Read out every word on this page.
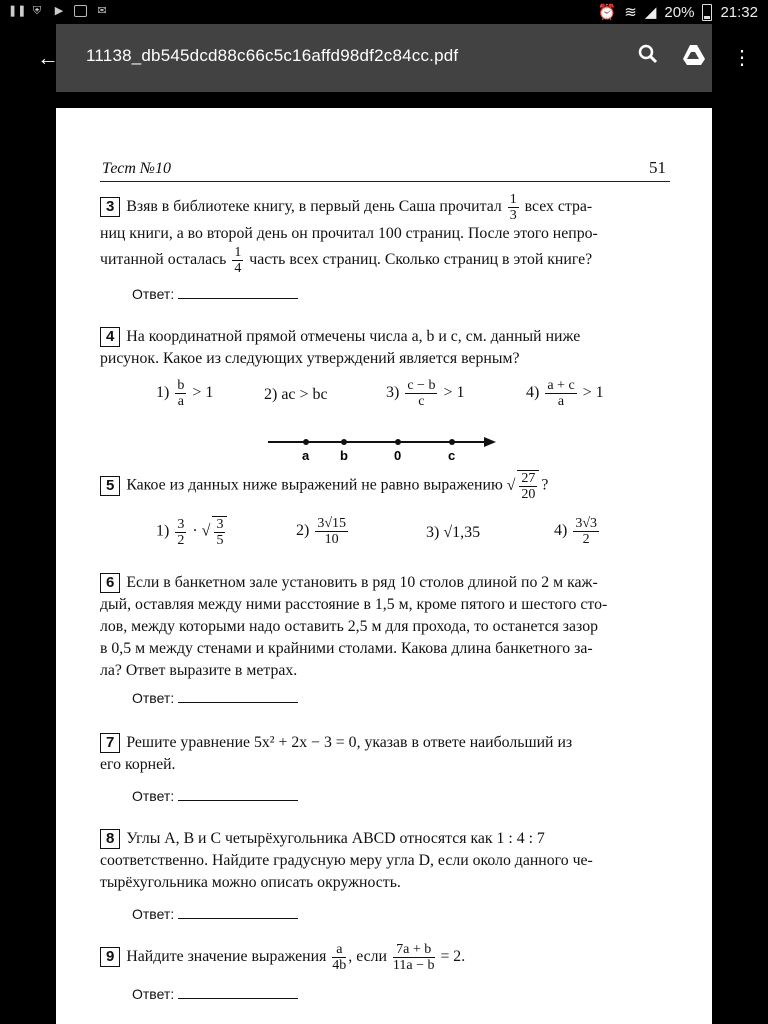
❚❚ ⛨ ▶	✉	⏰ ≋ ◢ 20% 21:32
← 11138_db545dcd88c66c5c16affd98df2c84cc.pdf	⋮
Тест №10	51
3 Взяв в библиотеке книгу, в первый день Саша прочитал $\frac{1}{3}$ всех стра-
ниц книги, а во второй день он прочитал 100 страниц. После этого непро-
читанной осталась $\frac{1}{4}$ часть всех страниц. Сколько страниц в этой книге?
Ответ:
4 На координатной прямой отмечены числа a, b и c, см. данный ниже
рисунок. Какое из следующих утверждений является верным?
$1) \frac{b}{a} > 1$	2) ac > bc	$3) \frac{c - b}{c} > 1$	$4) \frac{a + c}{a} > 1$
a b	0	c
5 Какое из данных ниже выражений не равно выражению √ $\frac{27}{20}$ ?
$1) \frac{3}{2}$ · √ $\frac{3}{5}$	$2) \frac{3√15}{10}$	3) √1,35	$4) \frac{3√3}{2}$
6 Если в банкетном зале установить в ряд 10 столов длиной по 2 м каж-
дый, оставляя между ними расстояние в 1,5 м, кроме пятого и шестого сто-
лов, между которыми надо оставить 2,5 м для прохода, то останется зазор
в 0,5 м между стенами и крайними столами. Какова длина банкетного за-
ла? Ответ выразите в метрах.
Ответ:
7 Решите уравнение 5x² + 2x − 3 = 0, указав в ответе наибольший из
его корней.
Ответ:
8 Углы A, B и C четырёхугольника ABCD относятся как 1 : 4 : 7
соответственно. Найдите градусную меру угла D, если около данного че-
тырёхугольника можно описать окружность.
Ответ:
9 Найдите значение выражения $\frac{a}{4b}$ , если $\frac{7a + b}{11a - b} = 2$.
Ответ:
